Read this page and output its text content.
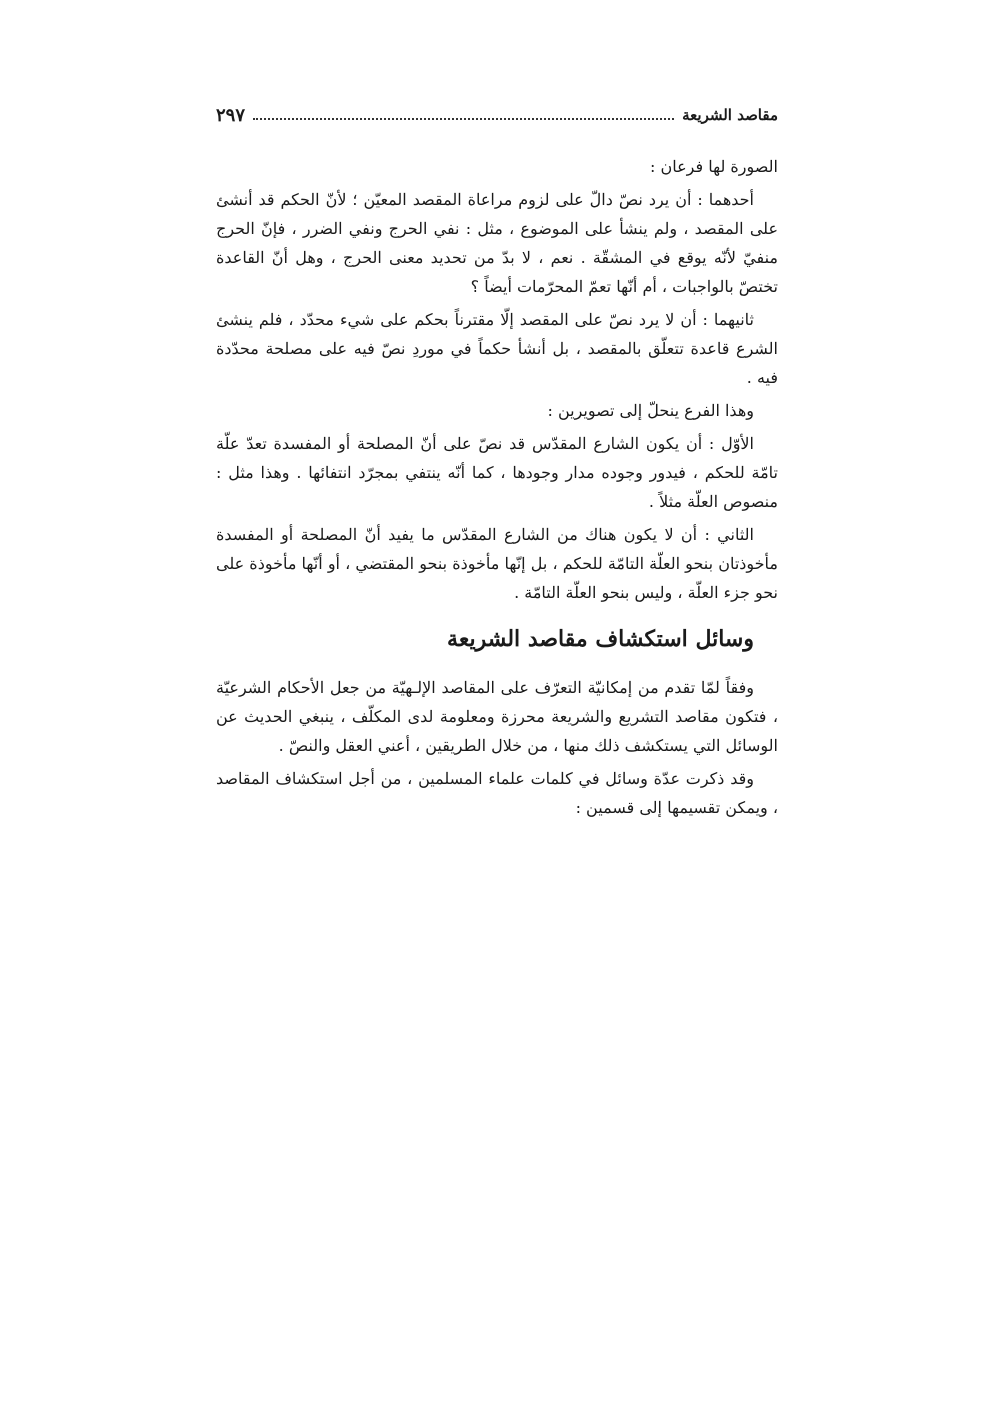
مقاصد الشريعة
٢٩٧

الصورة لها فرعان :

أحدهما : أن يرد نصّ دالّ على لزوم مراعاة المقصد المعيّن ؛ لأنّ الحكم قد أنشئ على المقصد ، ولم ينشأ على الموضوع ، مثل : نفي الحرج ونفي الضرر ، فإنّ الحرج منفيّ لأنّه يوقع في المشقّة . نعم ، لا بدّ من تحديد معنى الحرج ، وهل أنّ القاعدة تختصّ بالواجبات ، أم أنّها تعمّ المحرّمات أيضاً ؟

ثانيهما : أن لا يرد نصّ على المقصد إلّا مقترناً بحكم على شيء محدّد ، فلم ينشئ الشرع قاعدة تتعلّق بالمقصد ، بل أنشأ حكماً في موردِ نصّ فيه على مصلحة محدّدة فيه .

وهذا الفرع ينحلّ إلى تصويرين :

الأوّل : أن يكون الشارع المقدّس قد نصّ على أنّ المصلحة أو المفسدة تعدّ علّة تامّة للحكم ، فيدور وجوده مدار وجودها ، كما أنّه ينتفي بمجرّد انتفائها . وهذا مثل : منصوص العلّة مثلاً .

الثاني : أن لا يكون هناك من الشارع المقدّس ما يفيد أنّ المصلحة أو المفسدة مأخوذتان بنحو العلّة التامّة للحكم ، بل إنّها مأخوذة بنحو المقتضي ، أو أنّها مأخوذة على نحو جزء العلّة ، وليس بنحو العلّة التامّة .

وسائل استكشاف مقاصد الشريعة

وفقاً لمّا تقدم من إمكانيّة التعرّف على المقاصد الإلـهيّة من جعل الأحكام الشرعيّة ، فتكون مقاصد التشريع والشريعة محرزة ومعلومة لدى المكلّف ، ينبغي الحديث عن الوسائل التي يستكشف ذلك منها ، من خلال الطريقين ، أعني العقل والنصّ .

وقد ذكرت عدّة وسائل في كلمات علماء المسلمين ، من أجل استكشاف المقاصد ، ويمكن تقسيمها إلى قسمين :
